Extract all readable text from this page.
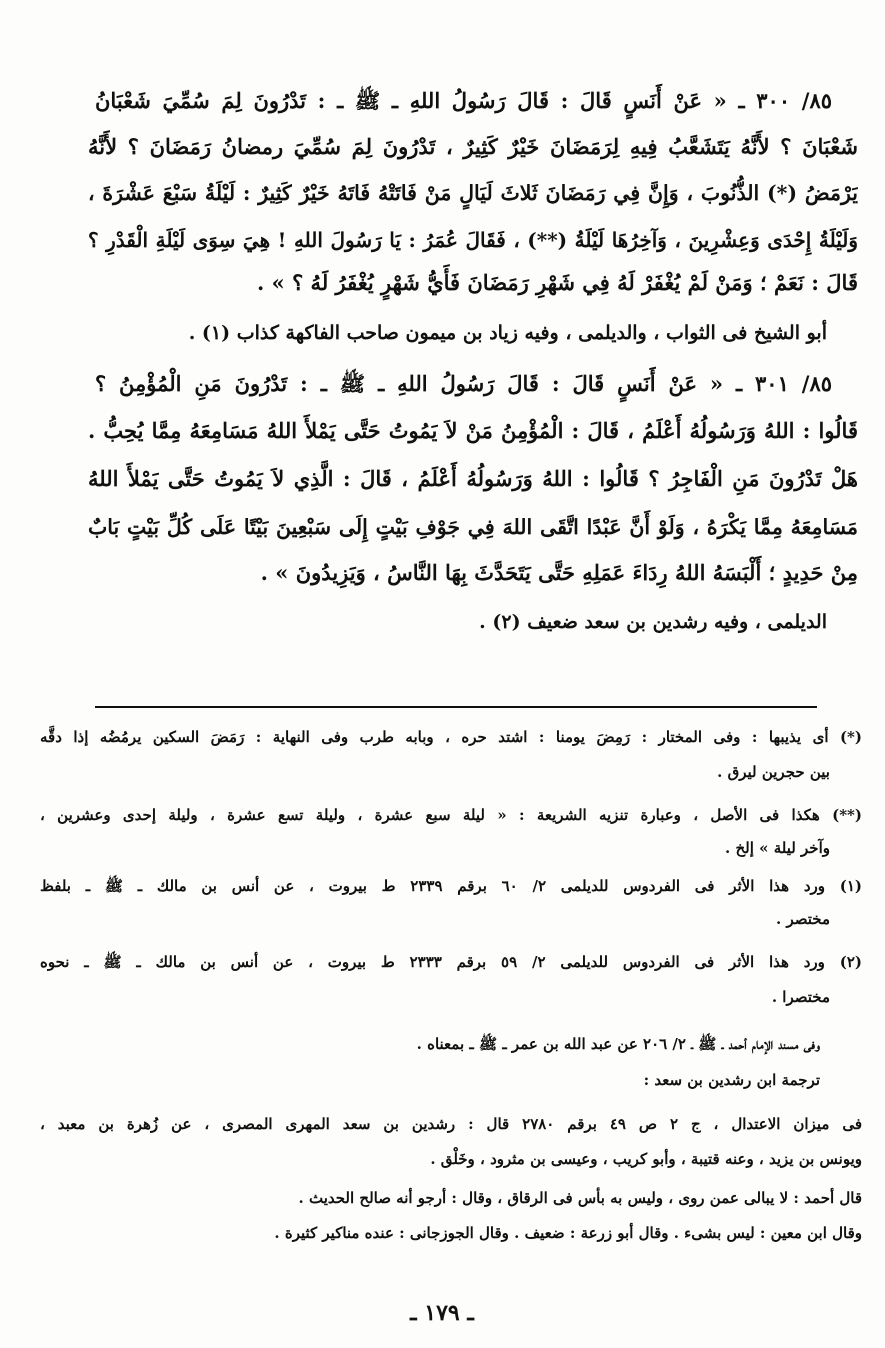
٨٥/ ٣٠٠ ـ « عَنْ أَنَسٍ قَالَ : قَالَ رَسُولُ اللهِ ـ ﷺ ـ : تَدْرُونَ لِمَ سُمِّيَ شَعْبَانُ
شَعْبَانَ ؟ لأَنَّهُ يَتَشَعَّبُ فِيهِ لِرَمَضَانَ خَيْرٌ كَثِيرٌ ، تَدْرُونَ لِمَ سُمِّيَ رمضانُ رَمَضَانَ ؟ لأَنَّهُ
يَرْمَضُ (*) الذُّنُوبَ ، وَإِنَّ فِي رَمَضَانَ ثَلاثَ لَيَالٍ مَنْ فَاتَتْهُ فَاتَهُ خَيْرٌ كَثِيرٌ : لَيْلَةُ سَبْعَ عَشْرَةَ ،
وَلَيْلَةُ إِحْدَى وَعِشْرِينَ ، وَآخِرُهَا لَيْلَةُ (**) ، فَقَالَ عُمَرُ : يَا رَسُولَ اللهِ ! هِيَ سِوَى لَيْلَةِ الْقَدْرِ ؟
قَالَ : نَعَمْ ؛ وَمَنْ لَمْ يُغْفَرْ لَهُ فِي شَهْرِ رَمَضَانَ فَأَيُّ شَهْرٍ يُغْفَرُ لَهُ ؟ » .
أبو الشيخ فى الثواب ، والديلمى ، وفيه زياد بن ميمون صاحب الفاكهة كذاب (١) .
٨٥/ ٣٠١ ـ « عَنْ أَنَسٍ قَالَ : قَالَ رَسُولُ اللهِ ـ ﷺ ـ : تَدْرُونَ مَنِ الْمُؤْمِنُ ؟
قَالُوا : اللهُ وَرَسُولُهُ أَعْلَمُ ، قَالَ : الْمُؤْمِنُ مَنْ لاَ يَمُوتُ حَتَّى يَمْلأَ اللهُ مَسَامِعَهُ مِمَّا يُحِبُّ .
هَلْ تَدْرُونَ مَنِ الْفَاجِرُ ؟ قَالُوا : اللهُ وَرَسُولُهُ أَعْلَمُ ، قَالَ : الَّذِي لاَ يَمُوتُ حَتَّى يَمْلأَ اللهُ
مَسَامِعَهُ مِمَّا يَكْرَهُ ، وَلَوْ أَنَّ عَبْدًا اتَّقَى اللهَ فِي جَوْفِ بَيْتٍ إِلَى سَبْعِينَ بَيْتًا عَلَى كُلِّ بَيْتٍ بَابٌ
مِنْ حَدِيدٍ ؛ أَلْبَسَهُ اللهُ رِدَاءَ عَمَلِهِ حَتَّى يَتَحَدَّثَ بِهَا النَّاسُ ، وَيَزِيدُونَ » .
الديلمى ، وفيه رشدين بن سعد ضعيف (٢) .
(*) أى يذيبها : وفى المختار : رَمِضَ يومنا : اشتد حره ، وبابه طرب وفى النهاية : رَمَضَ السكين يرمُضُه إذا دقَّه
بين حجرين ليرق .
(**) هكذا فى الأصل ، وعبارة تنزيه الشريعة : « ليلة سبع عشرة ، وليلة تسع عشرة ، وليلة إحدى وعشرين ،
وآخر ليلة » إلخ .
(١) ورد هذا الأثر فى الفردوس للديلمى ٢/ ٦٠ برقم ٢٣٣٩ ط بيروت ، عن أنس بن مالك ـ ﷺ ـ بلفظ
مختصر .
(٢) ورد هذا الأثر فى الفردوس للديلمى ٢/ ٥٩ برقم ٢٣٣٣ ط بيروت ، عن أنس بن مالك ـ ﷺ ـ نحوه
مختصرا .
وفى مسند الإمام أحمد ـ ﷺ ـ ٢/ ٢٠٦ عن عبد الله بن عمر ـ ﷺ ـ بمعناه .
ترجمة ابن رشدين بن سعد :
فى ميزان الاعتدال ، ج ٢ ص ٤٩ برقم ٢٧٨٠ قال : رشدين بن سعد المهرى المصرى ، عن زُهرة بن معبد ،
ويونس بن يزيد ، وعنه قتيبة ، وأبو كريب ، وعيسى بن مثرود ، وخَلْق .
قال أحمد : لا يبالى عمن روى ، وليس به بأس فى الرقاق ، وقال : أرجو أنه صالح الحديث .
وقال ابن معين : ليس بشىء . وقال أبو زرعة : ضعيف . وقال الجوزجانى : عنده مناكير كثيرة .
ـ ١٧٩ ـ
